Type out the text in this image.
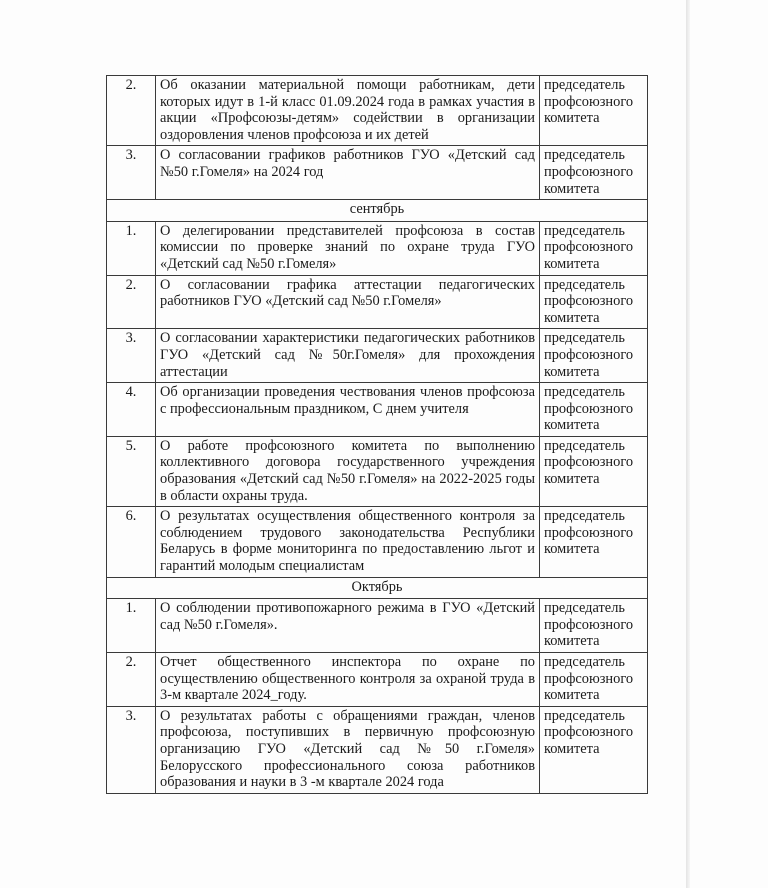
2.	Об оказании материальной помощи работникам, дети которых идут в 1-й класс 01.09.2024 года в рамках участия в акции «Профсоюзы-детям» содействии в организации оздоровления членов профсоюза и их детей	председатель профсоюзного комитета
3.	О согласовании графиков работников ГУО «Детский сад №50 г.Гомеля» на 2024 год	председатель профсоюзного комитета
сентябрь		
1.	О делегировании представителей профсоюза в состав комиссии по проверке знаний по охране труда ГУО «Детский сад №50 г.Гомеля»	председатель профсоюзного комитета
2.	О согласовании графика аттестации педагогических работников ГУО «Детский сад №50 г.Гомеля»	председатель профсоюзного комитета
3.	О согласовании характеристики педагогических работников ГУО «Детский сад №50г.Гомеля» для прохождения аттестации	председатель профсоюзного комитета
4.	Об организации проведения чествования членов профсоюза с профессиональным праздником, С днем учителя	председатель профсоюзного комитета
5.	О работе профсоюзного комитета по выполнению коллективного договора государственного учреждения образования «Детский сад №50 г.Гомеля» на 2022-2025 годы в области охраны труда.	председатель профсоюзного комитета
6.	О результатах осуществления общественного контроля за соблюдением трудового законодательства Республики Беларусь в форме мониторинга по предоставлению льгот и гарантий молодым специалистам	председатель профсоюзного комитета
Октябрь		
1.	О соблюдении противопожарного режима в ГУО «Детский сад №50 г.Гомеля».	председатель профсоюзного комитета
2.	Отчет общественного инспектора по охране по осуществлению общественного контроля за охраной труда в 3-м квартале 2024_году.	председатель профсоюзного комитета
3.	О результатах работы с обращениями граждан, членов профсоюза, поступивших в первичную профсоюзную организацию ГУО «Детский сад №50 г.Гомеля» Белорусского профессионального союза работников образования и науки в 3 -м квартале 2024 года	председатель профсоюзного комитета
